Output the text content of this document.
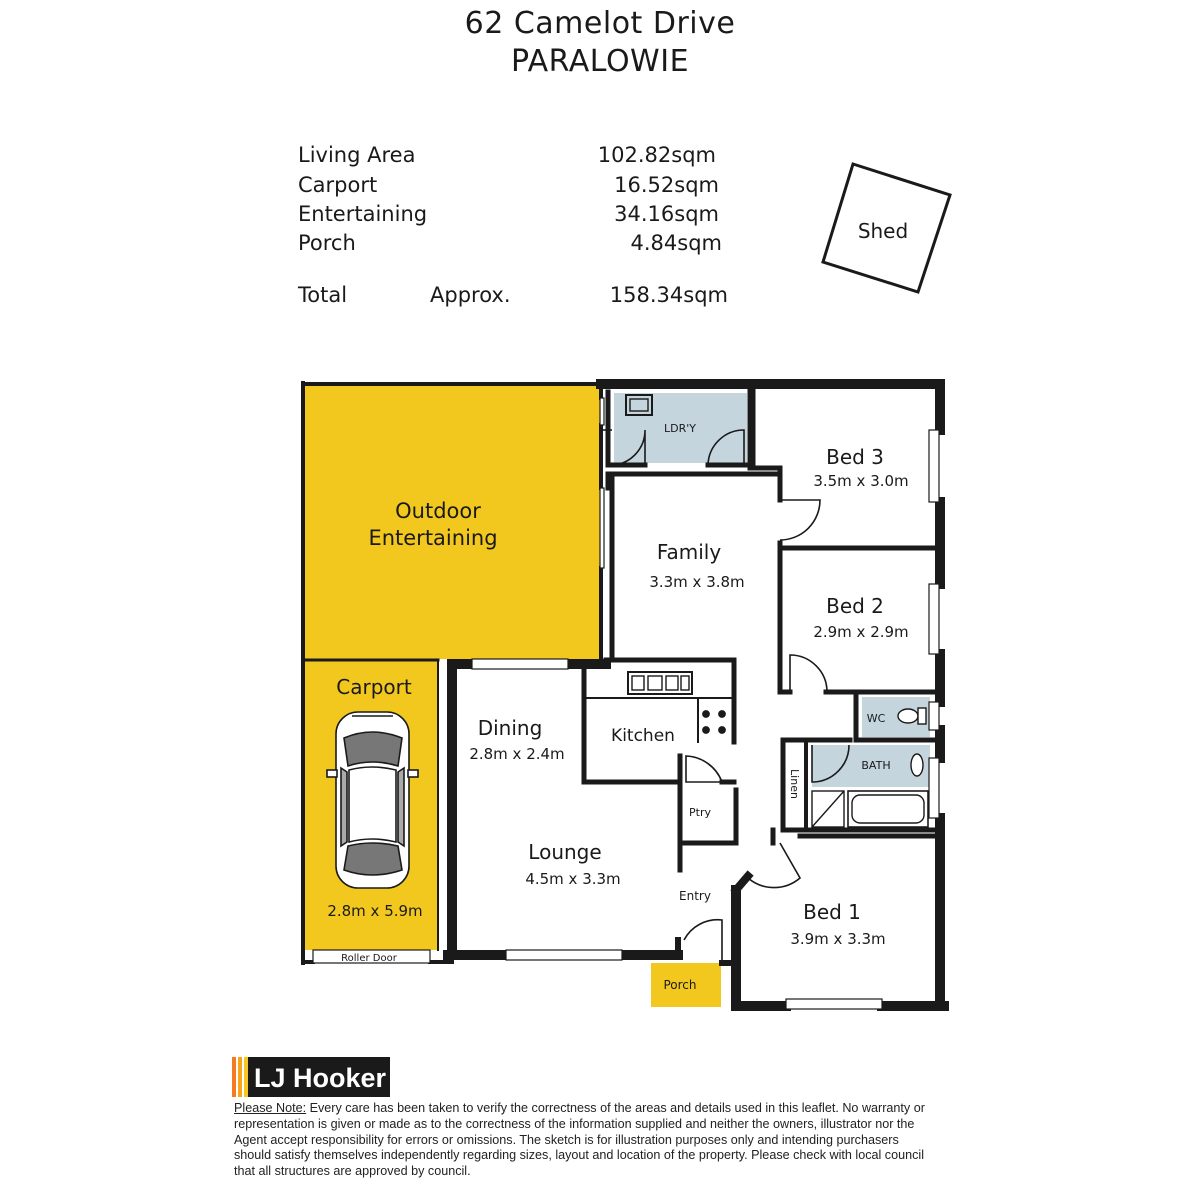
62 Camelot Drive
PARALOWIE
Living Area	102.82sqm
Carport	16.52sqm
Entertaining	34.16sqm
Porch	4.84sqm
Total	Approx.	158.34sqm
Shed
Outdoor
Entertaining
LDR'Y
Bed 3
3.5m x 3.0m
Family
3.3m x 3.8m
Bed 2
2.9m x 2.9m
Carport
2.8m x 5.9m
Dining
2.8m x 2.4m
Kitchen
WC
BATH
Linen
Ptry
Lounge
4.5m x 3.3m
Entry
Bed 1
3.9m x 3.3m
Roller Door
Porch
LJ Hooker
Please Note: Every care has been taken to verify the correctness of the areas and details used in this leaflet. No warranty or representation is given or made as to the correctness of the information supplied and neither the owners, illustrator nor the Agent accept responsibility for errors or omissions. The sketch is for illustration purposes only and intending purchasers should satisfy themselves independently regarding sizes, layout and location of the property. Please check with local council that all structures are approved by council.
